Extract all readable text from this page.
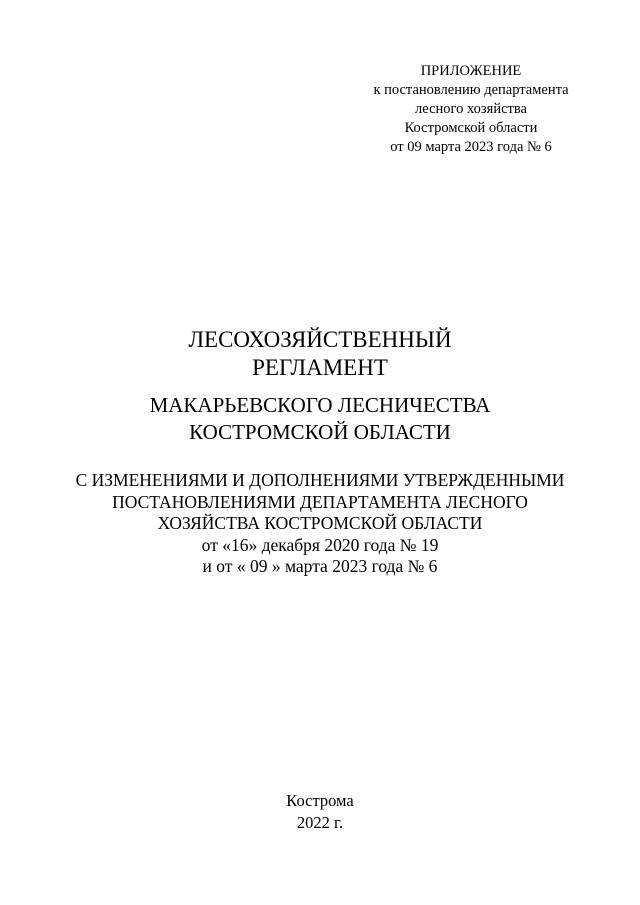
ПРИЛОЖЕНИЕ
к постановлению департамента
лесного хозяйства
Костромской области
от 09 марта 2023 года № 6
ЛЕСОХОЗЯЙСТВЕННЫЙ
РЕГЛАМЕНТ
МАКАРЬЕВСКОГО ЛЕСНИЧЕСТВА
КОСТРОМСКОЙ ОБЛАСТИ
С ИЗМЕНЕНИЯМИ И ДОПОЛНЕНИЯМИ УТВЕРЖДЕННЫМИ
ПОСТАНОВЛЕНИЯМИ ДЕПАРТАМЕНТА ЛЕСНОГО
ХОЗЯЙСТВА КОСТРОМСКОЙ ОБЛАСТИ
от «16» декабря 2020 года № 19
и от « 09 » марта 2023 года № 6
Кострома
2022 г.
